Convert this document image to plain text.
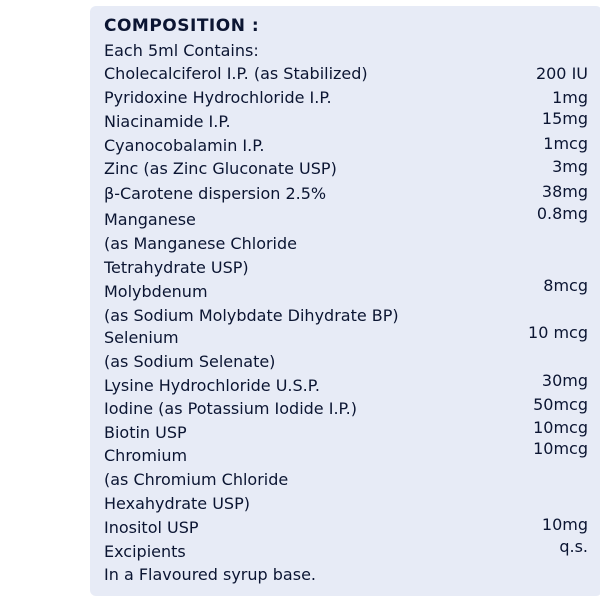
COMPOSITION :
Each 5ml Contains:
Cholecalciferol I.P. (as Stabilized)	200 IU
Pyridoxine Hydrochloride I.P.	1mg
Niacinamide I.P.	15mg
Cyanocobalamin I.P.	1mcg
Zinc (as Zinc Gluconate USP)	3mg
β-Carotene dispersion 2.5%	38mg
Manganese	0.8mg
(as Manganese Chloride
Tetrahydrate USP)
Molybdenum	8mcg
(as Sodium Molybdate Dihydrate BP)
Selenium	10 mcg
(as Sodium Selenate)
Lysine Hydrochloride U.S.P.	30mg
Iodine (as Potassium Iodide I.P.)	50mcg
Biotin USP	10mcg
Chromium	10mcg
(as Chromium Chloride
Hexahydrate USP)
Inositol USP	10mg
Excipients	q.s.
In a Flavoured syrup base.
